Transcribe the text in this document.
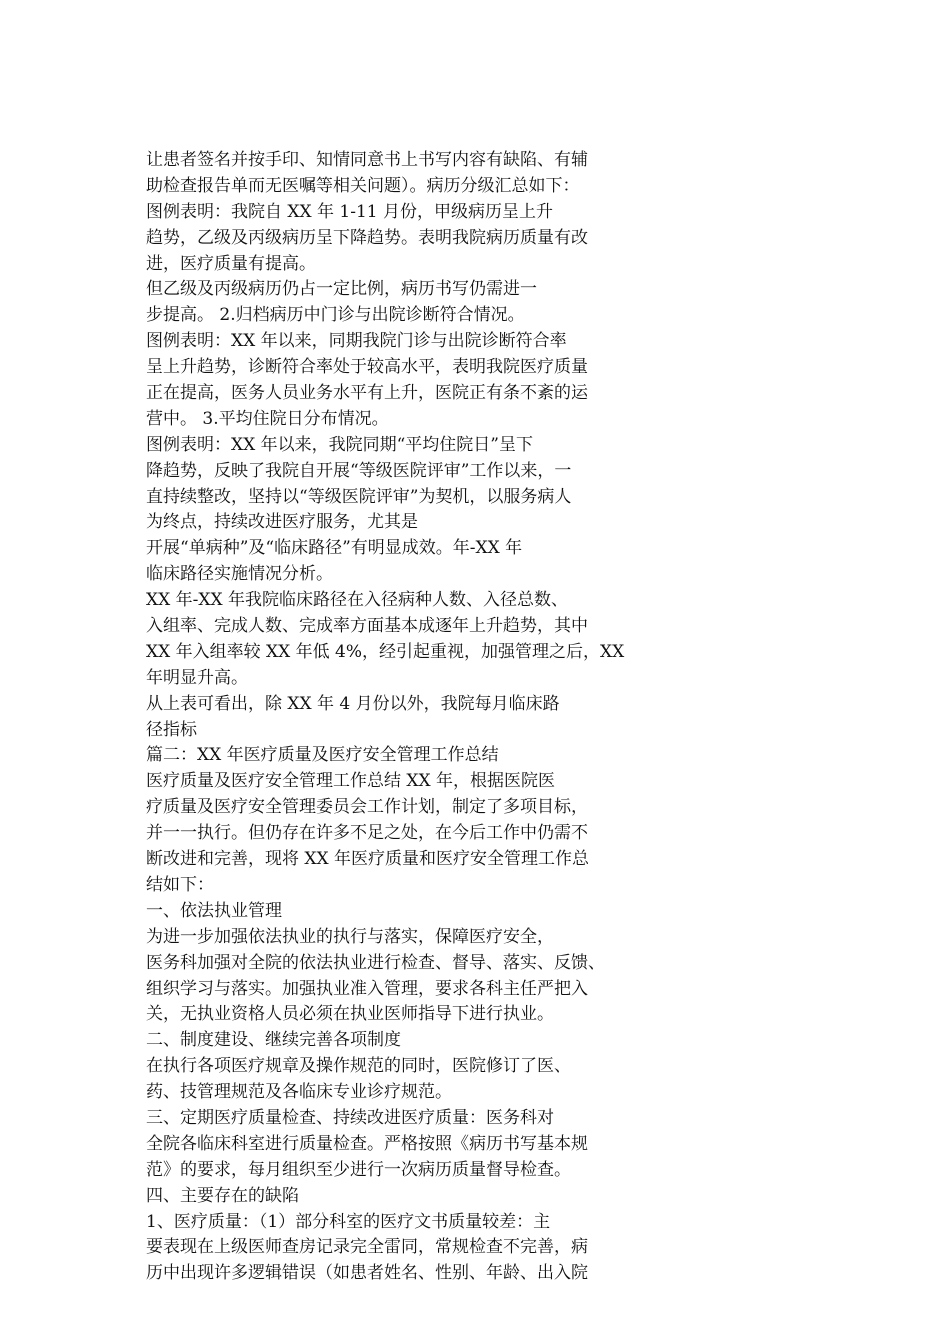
让患者签名并按手印、知情同意书上书写内容有缺陷、有辅
助检查报告单而无医嘱等相关问题）。病历分级汇总如下：
图例表明：我院自 XX 年 1-11 月份，甲级病历呈上升
趋势，乙级及丙级病历呈下降趋势。表明我院病历质量有改
进，医疗质量有提高。
但乙级及丙级病历仍占一定比例，病历书写仍需进一
步提高。 2.归档病历中门诊与出院诊断符合情况。
图例表明：XX 年以来，同期我院门诊与出院诊断符合率
呈上升趋势，诊断符合率处于较高水平，表明我院医疗质量
正在提高，医务人员业务水平有上升，医院正有条不紊的运
营中。 3.平均住院日分布情况。
图例表明：XX 年以来，我院同期“平均住院日”呈下
降趋势，反映了我院自开展“等级医院评审”工作以来，一
直持续整改，坚持以“等级医院评审”为契机，以服务病人
为终点，持续改进医疗服务，尤其是
开展“单病种”及“临床路径”有明显成效。年-XX 年
临床路径实施情况分析。
XX 年-XX 年我院临床路径在入径病种人数、入径总数、
入组率、完成人数、完成率方面基本成逐年上升趋势，其中
XX 年入组率较 XX 年低 4%，经引起重视，加强管理之后，XX
年明显升高。
从上表可看出，除 XX 年 4 月份以外，我院每月临床路
径指标
篇二：XX 年医疗质量及医疗安全管理工作总结
医疗质量及医疗安全管理工作总结 XX 年，根据医院医
疗质量及医疗安全管理委员会工作计划，制定了多项目标，
并一一执行。但仍存在许多不足之处，在今后工作中仍需不
断改进和完善，现将 XX 年医疗质量和医疗安全管理工作总
结如下：
一、依法执业管理
为进一步加强依法执业的执行与落实，保障医疗安全，
医务科加强对全院的依法执业进行检查、督导、落实、反馈、
组织学习与落实。加强执业准入管理，要求各科主任严把入
关，无执业资格人员必须在执业医师指导下进行执业。
二、制度建设、继续完善各项制度
在执行各项医疗规章及操作规范的同时，医院修订了医、
药、技管理规范及各临床专业诊疗规范。
三、定期医疗质量检查、持续改进医疗质量：医务科对
全院各临床科室进行质量检查。严格按照《病历书写基本规
范》的要求，每月组织至少进行一次病历质量督导检查。
四、主要存在的缺陷
1、医疗质量：（1）部分科室的医疗文书质量较差：主
要表现在上级医师查房记录完全雷同，常规检查不完善，病
历中出现许多逻辑错误（如患者姓名、性别、年龄、出入院
